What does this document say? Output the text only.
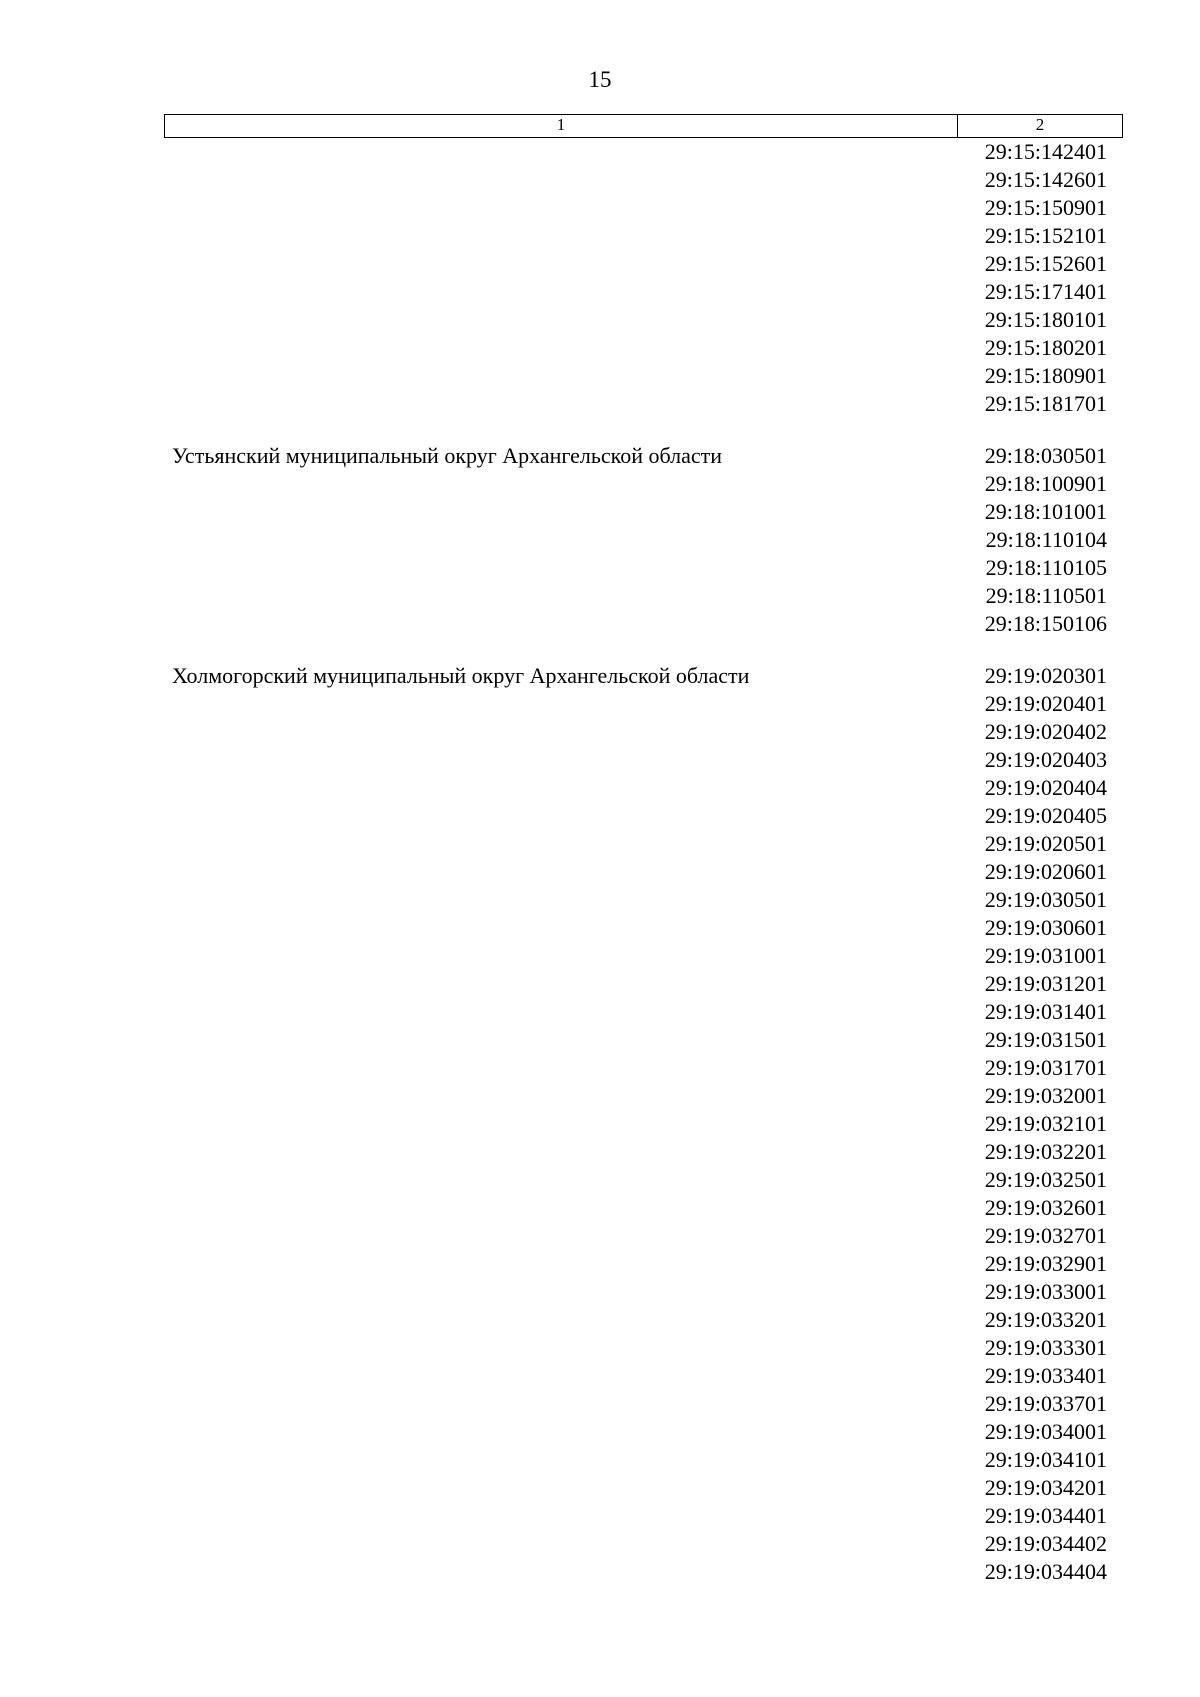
15
1	2
29:15:142401
29:15:142601
29:15:150901
29:15:152101
29:15:152601
29:15:171401
29:15:180101
29:15:180201
29:15:180901
29:15:181701
Устьянский муниципальный округ Архангельской области	29:18:030501
29:18:100901
29:18:101001
29:18:110104
29:18:110105
29:18:110501
29:18:150106
Холмогорский муниципальный округ Архангельской области	29:19:020301
29:19:020401
29:19:020402
29:19:020403
29:19:020404
29:19:020405
29:19:020501
29:19:020601
29:19:030501
29:19:030601
29:19:031001
29:19:031201
29:19:031401
29:19:031501
29:19:031701
29:19:032001
29:19:032101
29:19:032201
29:19:032501
29:19:032601
29:19:032701
29:19:032901
29:19:033001
29:19:033201
29:19:033301
29:19:033401
29:19:033701
29:19:034001
29:19:034101
29:19:034201
29:19:034401
29:19:034402
29:19:034404
